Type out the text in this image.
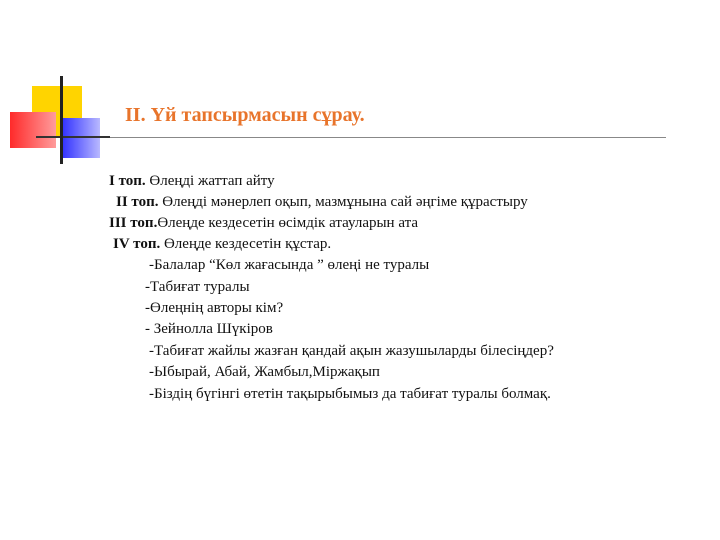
II. Үй тапсырмасын сұрау.
I топ. Өлеңді жаттап айту
II топ. Өлеңді мәнерлеп оқып, мазмұнына сай әңгіме құрастыру
III топ.Өлеңде кездесетін өсімдік атауларын ата
IV топ. Өлеңде кездесетін құстар.
-Балалар “Көл жағасында ” өлеңі не туралы
-Табиғат туралы
-Өлеңнің авторы кім?
- Зейнолла Шүкіров
-Табиғат жайлы жазған қандай ақын жазушыларды білесіңдер?
-Ыбырай, Абай, Жамбыл,Міржақып
-Біздің бүгінгі өтетін тақырыбымыз да табиғат туралы болмақ.
